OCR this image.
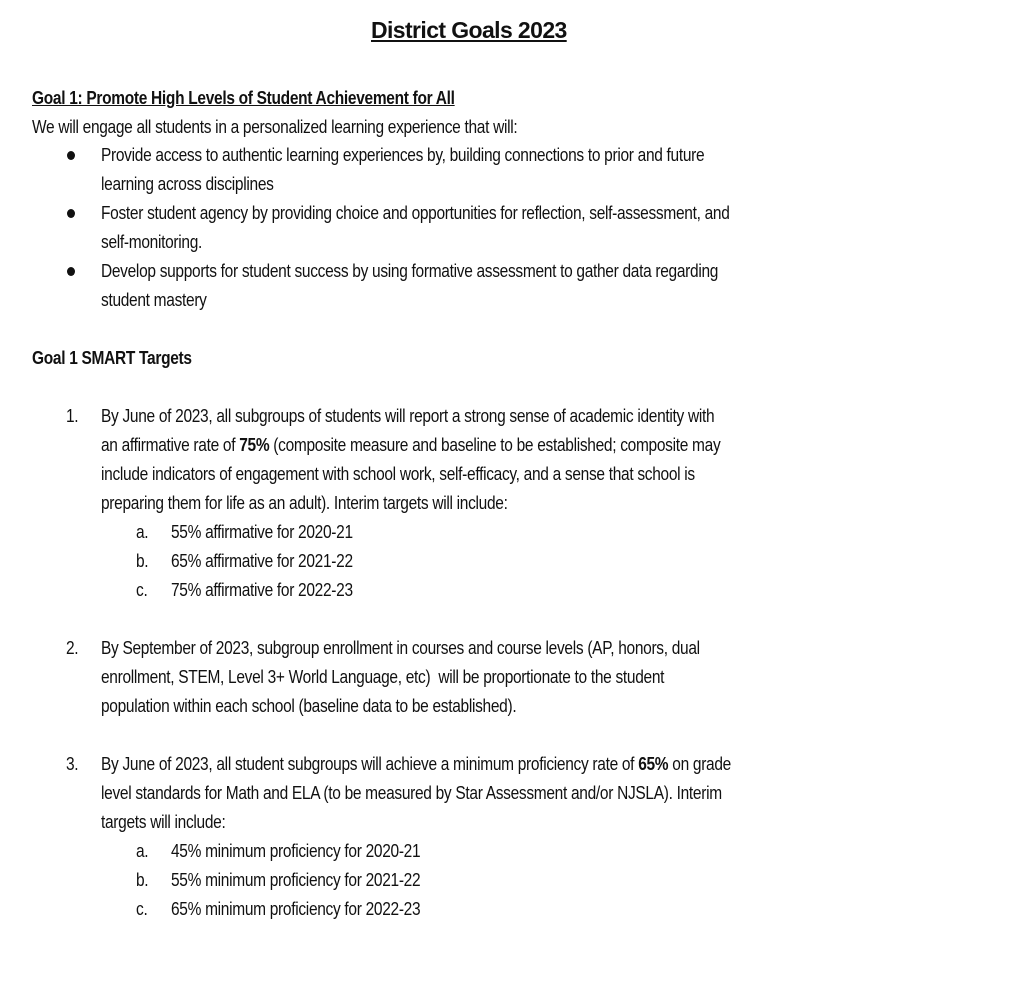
District Goals 2023
Goal 1: Promote High Levels of Student Achievement for All
We will engage all students in a personalized learning experience that will:
Provide access to authentic learning experiences by, building connections to prior and future
learning across disciplines
Foster student agency by providing choice and opportunities for reflection, self-assessment, and
self-monitoring.
Develop supports for student success by using formative assessment to gather data regarding
student mastery
Goal 1 SMART Targets
1. By June of 2023, all subgroups of students will report a strong sense of academic identity with
an affirmative rate of 75% (composite measure and baseline to be established; composite may
include indicators of engagement with school work, self-efficacy, and a sense that school is
preparing them for life as an adult). Interim targets will include:
a. 55% affirmative for 2020-21
b. 65% affirmative for 2021-22
c. 75% affirmative for 2022-23
2. By September of 2023, subgroup enrollment in courses and course levels (AP, honors, dual
enrollment, STEM, Level 3+ World Language, etc)  will be proportionate to the student
population within each school (baseline data to be established).
3. By June of 2023, all student subgroups will achieve a minimum proficiency rate of 65% on grade
level standards for Math and ELA (to be measured by Star Assessment and/or NJSLA). Interim
targets will include:
a. 45% minimum proficiency for 2020-21
b. 55% minimum proficiency for 2021-22
c. 65% minimum proficiency for 2022-23
